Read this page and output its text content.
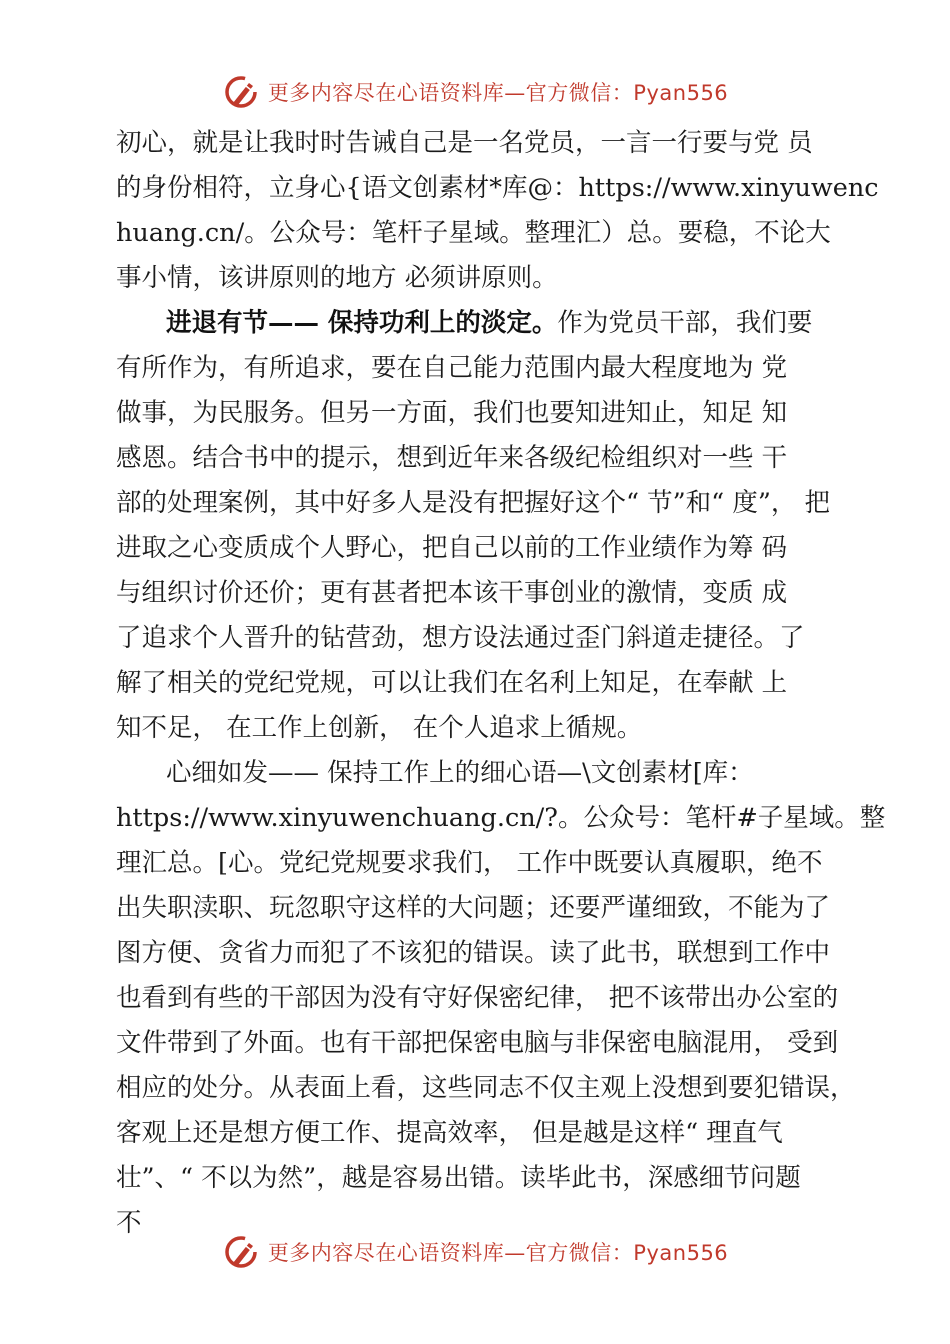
更多内容尽在心语资料库—官方微信：Pyan556
初心，就是让我时时告诫自己是一名党员，一言一行要与党 员
的身份相符，立身心{语文创素材*库@：https://www.xinyuwenc
huang.cn/。公众号：笔杆子星域。整理汇）总。要稳，不论大
事小情，该讲原则的地方 必须讲原则。
进退有节—— 保持功利上的淡定。作为党员干部，我们要
有所作为，有所追求，要在自己能力范围内最大程度地为 党
做事，为民服务。但另一方面，我们也要知进知止，知足 知
感恩。结合书中的提示，想到近年来各级纪检组织对一些 干
部的处理案例，其中好多人是没有把握好这个“ 节”和“ 度”， 把
进取之心变质成个人野心，把自己以前的工作业绩作为筹 码
与组织讨价还价；更有甚者把本该干事创业的激情，变质 成
了追求个人晋升的钻营劲，想方设法通过歪门斜道走捷径。了
解了相关的党纪党规，可以让我们在名利上知足，在奉献 上
知不足， 在工作上创新， 在个人追求上循规。
心细如发—— 保持工作上的细心语—\文创素材[库：
https://www.xinyuwenchuang.cn/?。公众号：笔杆#子星域。整
理汇总。[心。党纪党规要求我们， 工作中既要认真履职，绝不
出失职渎职、玩忽职守这样的大问题；还要严谨细致，不能为了
图方便、贪省力而犯了不该犯的错误。读了此书，联想到工作中
也看到有些的干部因为没有守好保密纪律， 把不该带出办公室的
文件带到了外面。也有干部把保密电脑与非保密电脑混用， 受到
相应的处分。从表面上看，这些同志不仅主观上没想到要犯错误，
客观上还是想方便工作、提高效率， 但是越是这样“ 理直气
壮”、“ 不以为然”，越是容易出错。读毕此书，深感细节问题
不
更多内容尽在心语资料库—官方微信：Pyan556
